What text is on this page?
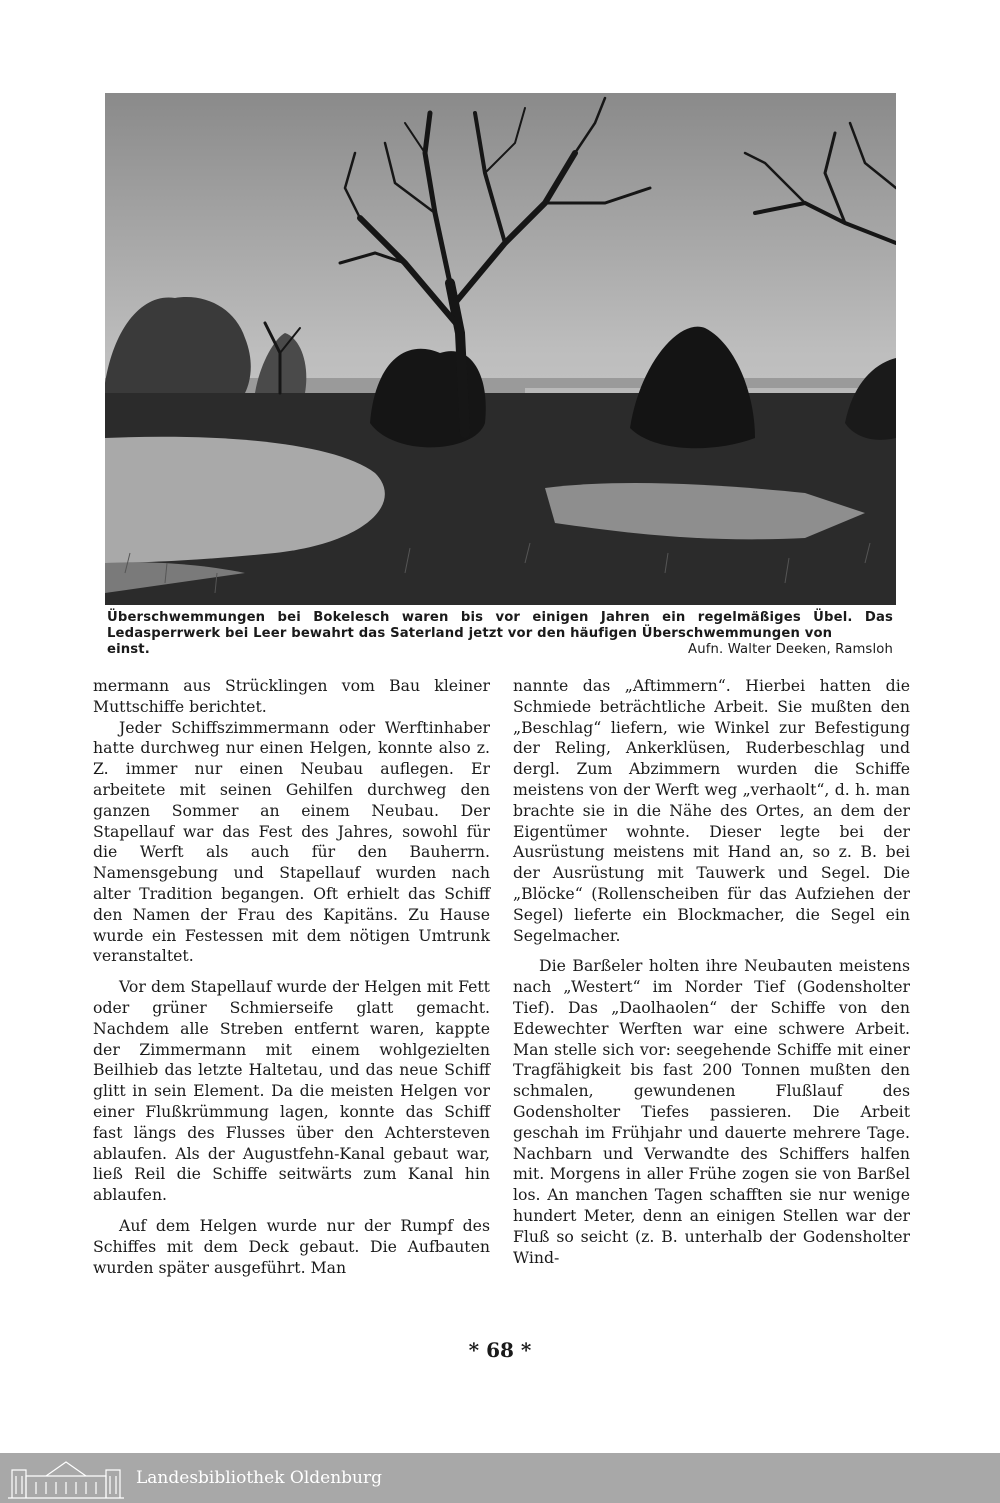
Überschwemmungen bei Bokelesch waren bis vor einigen Jahren ein regelmäßiges Übel. Das Ledasperrwerk bei Leer bewahrt das Saterland jetzt vor den häufigen Überschwemmungen von
einst.	Aufn. Walter Deeken, Ramsloh

mermann aus Strücklingen vom Bau kleiner Muttschiffe berichtet.

Jeder Schiffszimmermann oder Werftinhaber hatte durchweg nur einen Helgen, konnte also z. Z. immer nur einen Neubau auflegen. Er arbeitete mit seinen Gehilfen durchweg den ganzen Sommer an einem Neubau. Der Stapellauf war das Fest des Jahres, sowohl für die Werft als auch für den Bauherrn. Namensgebung und Stapellauf wurden nach alter Tradition begangen. Oft erhielt das Schiff den Namen der Frau des Kapitäns. Zu Hause wurde ein Festessen mit dem nötigen Umtrunk veranstaltet.

Vor dem Stapellauf wurde der Helgen mit Fett oder grüner Schmierseife glatt gemacht. Nachdem alle Streben entfernt waren, kappte der Zimmermann mit einem wohlgezielten Beilhieb das letzte Haltetau, und das neue Schiff glitt in sein Element. Da die meisten Helgen vor einer Flußkrümmung lagen, konnte das Schiff fast längs des Flusses über den Achtersteven ablaufen. Als der Augustfehn-Kanal gebaut war, ließ Reil die Schiffe seitwärts zum Kanal hin ablaufen.

Auf dem Helgen wurde nur der Rumpf des Schiffes mit dem Deck gebaut. Die Aufbauten wurden später ausgeführt. Man

nannte das „Aftimmern“. Hierbei hatten die Schmiede beträchtliche Arbeit. Sie mußten den „Beschlag“ liefern, wie Winkel zur Befestigung der Reling, Ankerklüsen, Ruderbeschlag und dergl. Zum Abzimmern wurden die Schiffe meistens von der Werft weg „verhaolt“, d. h. man brachte sie in die Nähe des Ortes, an dem der Eigentümer wohnte. Dieser legte bei der Ausrüstung meistens mit Hand an, so z. B. bei der Ausrüstung mit Tauwerk und Segel. Die „Blöcke“ (Rollenscheiben für das Aufziehen der Segel) lieferte ein Blockmacher, die Segel ein Segelmacher.

Die Barßeler holten ihre Neubauten meistens nach „Westert“ im Norder Tief (Godensholter Tief). Das „Daolhaolen“ der Schiffe von den Edewechter Werften war eine schwere Arbeit. Man stelle sich vor: seegehende Schiffe mit einer Tragfähigkeit bis fast 200 Tonnen mußten den schmalen, gewundenen Flußlauf des Godensholter Tiefes passieren. Die Arbeit geschah im Frühjahr und dauerte mehrere Tage. Nachbarn und Verwandte des Schiffers halfen mit. Morgens in aller Frühe zogen sie von Barßel los. An manchen Tagen schafften sie nur wenige hundert Meter, denn an einigen Stellen war der Fluß so seicht (z. B. unterhalb der Godensholter Wind-

* 68 *
Landesbibliothek Oldenburg
